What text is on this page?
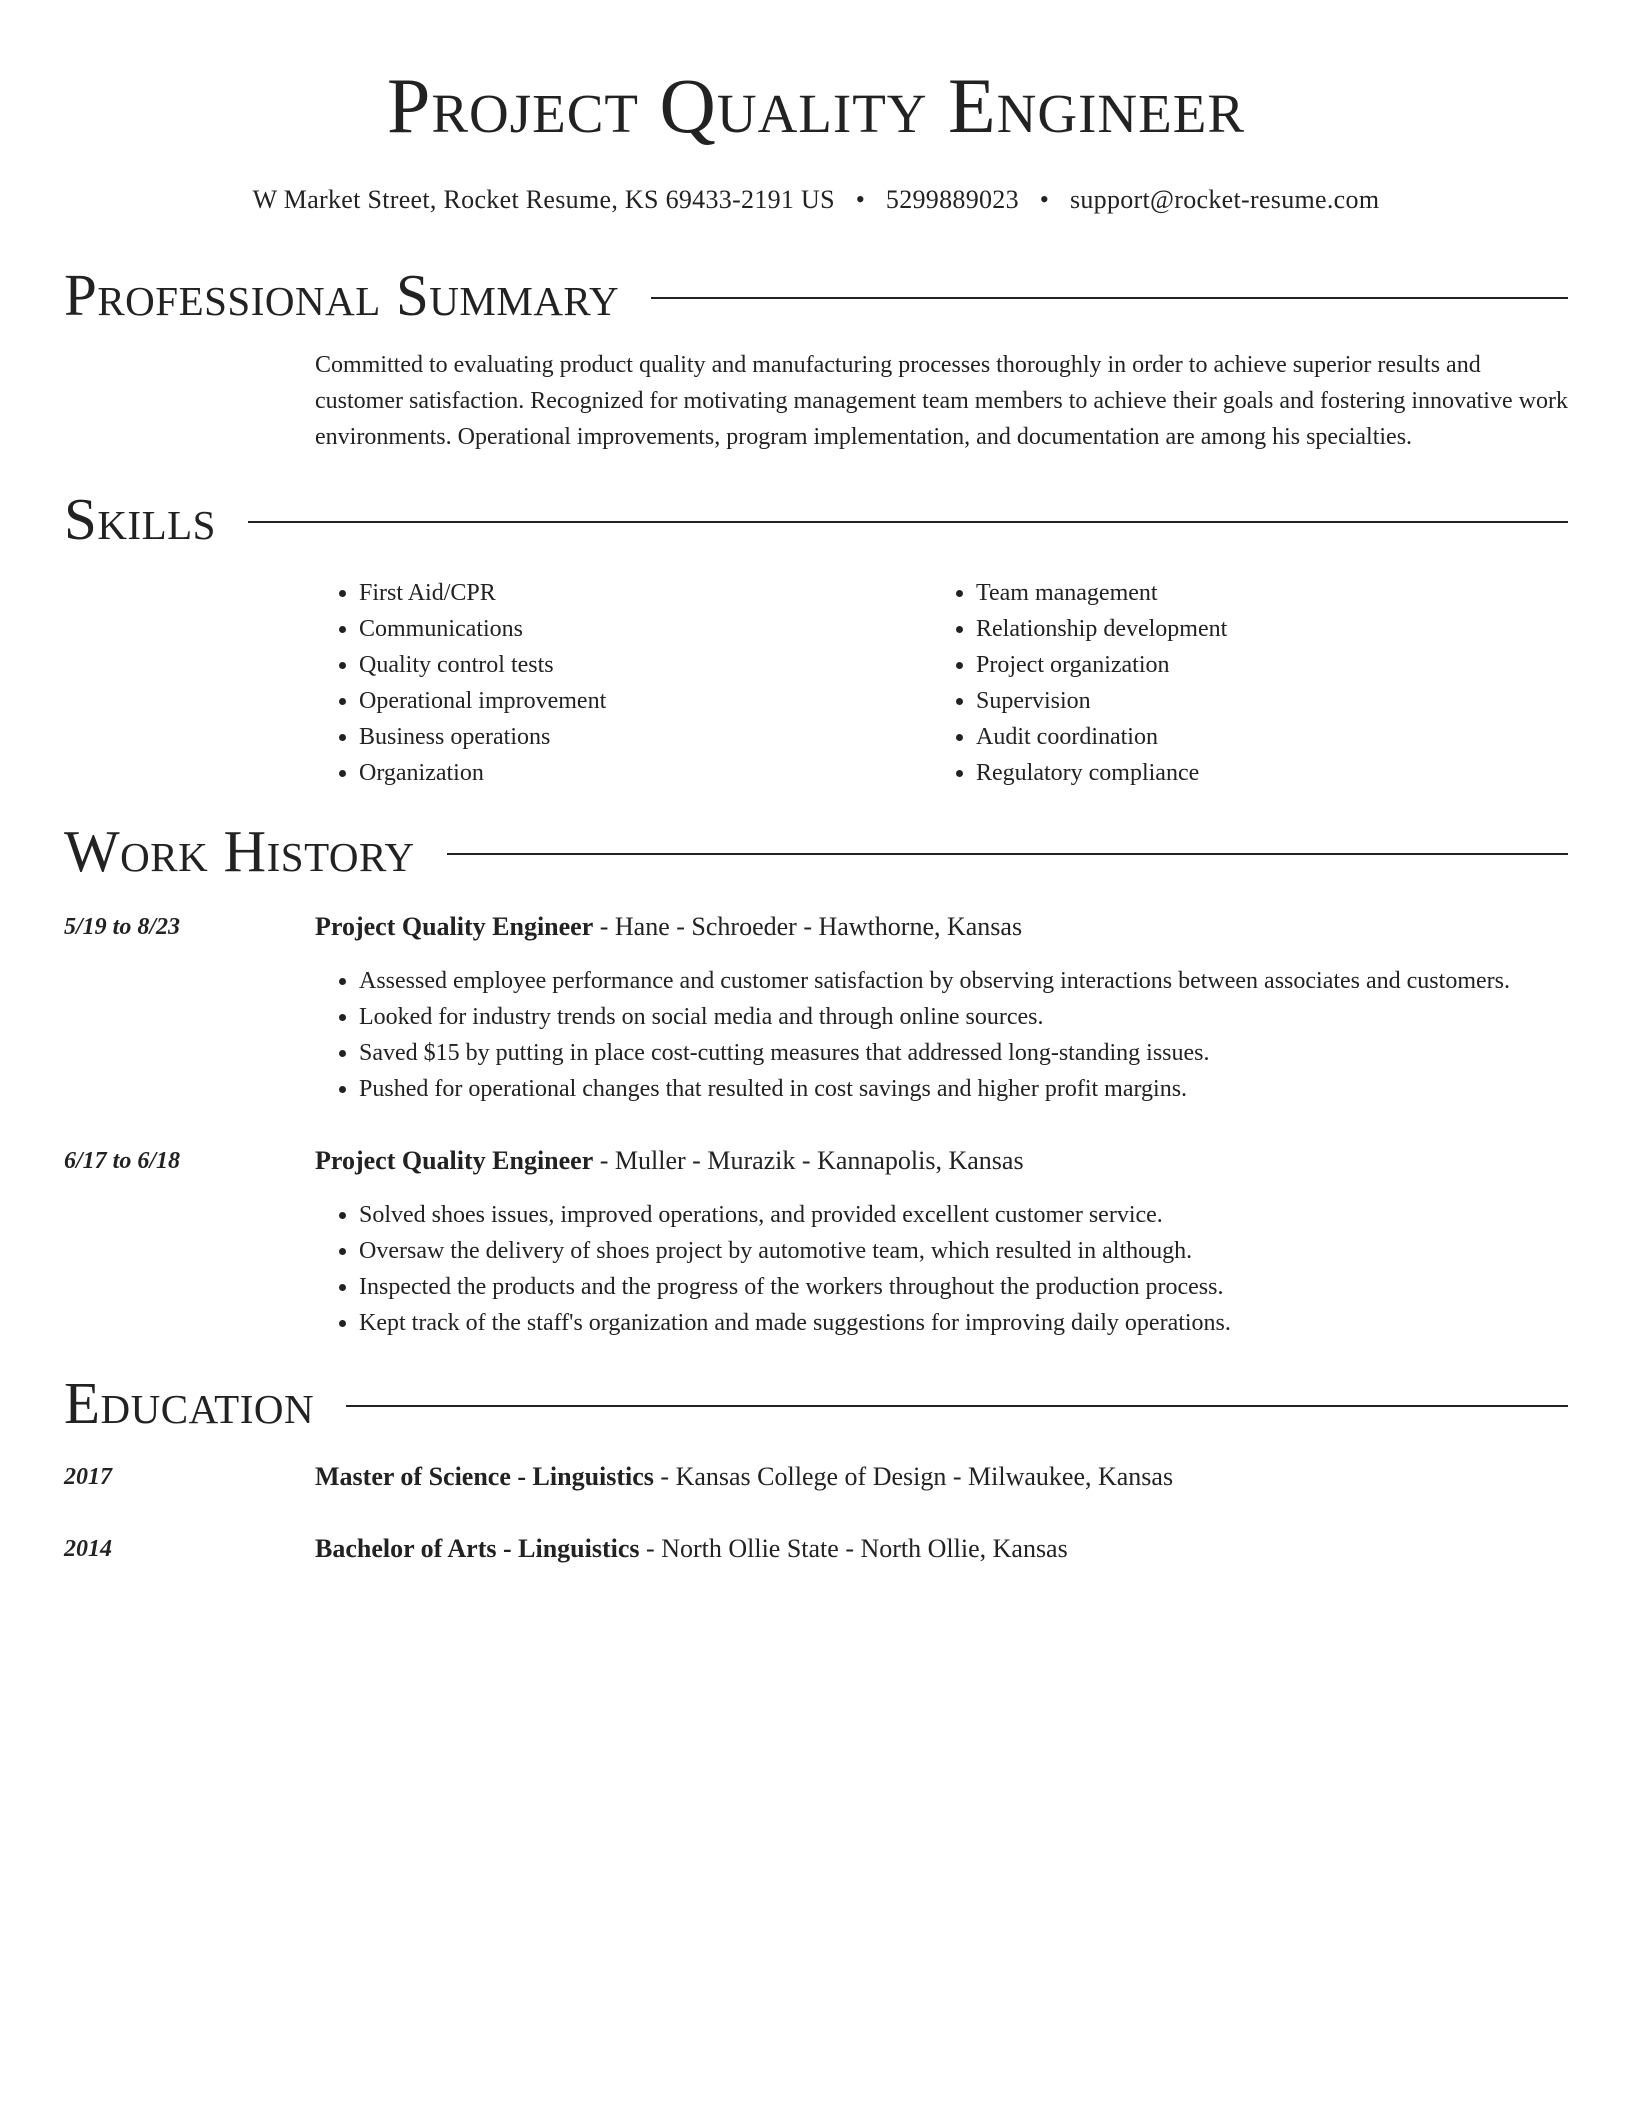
Project Quality Engineer
W Market Street, Rocket Resume, KS 69433-2191 US • 5299889023 • support@rocket-resume.com
Professional Summary
Committed to evaluating product quality and manufacturing processes thoroughly in order to achieve superior results and customer satisfaction. Recognized for motivating management team members to achieve their goals and fostering innovative work environments. Operational improvements, program implementation, and documentation are among his specialties.
Skills
• First Aid/CPR
• Communications
• Quality control tests
• Operational improvement
• Business operations
• Organization
• Team management
• Relationship development
• Project organization
• Supervision
• Audit coordination
• Regulatory compliance
Work History
5/19 to 8/23	Project Quality Engineer - Hane - Schroeder - Hawthorne, Kansas
• Assessed employee performance and customer satisfaction by observing interactions between associates and customers.
• Looked for industry trends on social media and through online sources.
• Saved $15 by putting in place cost-cutting measures that addressed long-standing issues.
• Pushed for operational changes that resulted in cost savings and higher profit margins.
6/17 to 6/18	Project Quality Engineer - Muller - Murazik - Kannapolis, Kansas
• Solved shoes issues, improved operations, and provided excellent customer service.
• Oversaw the delivery of shoes project by automotive team, which resulted in although.
• Inspected the products and the progress of the workers throughout the production process.
• Kept track of the staff's organization and made suggestions for improving daily operations.
Education
2017	Master of Science - Linguistics - Kansas College of Design - Milwaukee, Kansas
2014	Bachelor of Arts - Linguistics - North Ollie State - North Ollie, Kansas
